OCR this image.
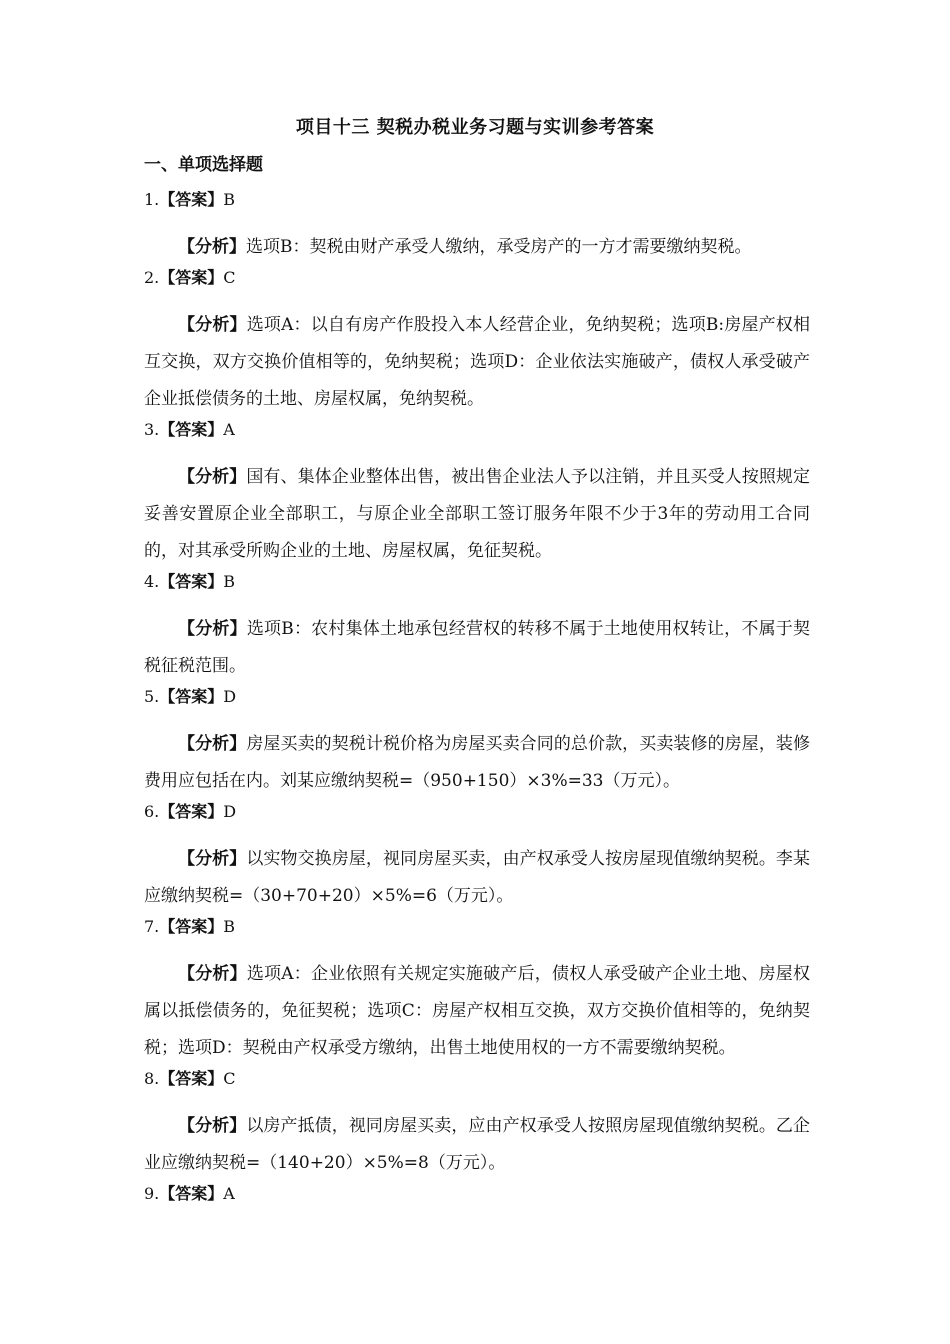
项目十三 契税办税业务习题与实训参考答案
一、单项选择题
1.【答案】B

【分析】选项B：契税由财产承受人缴纳，承受房产的一方才需要缴纳契税。

2.【答案】C

【分析】选项A：以自有房产作股投入本人经营企业，免纳契税；选项B:房屋产权相互交换，双方交换价值相等的，免纳契税；选项D：企业依法实施破产，债权人承受破产企业抵偿债务的土地、房屋权属，免纳契税。

3.【答案】A

【分析】国有、集体企业整体出售，被出售企业法人予以注销，并且买受人按照规定妥善安置原企业全部职工，与原企业全部职工签订服务年限不少于3年的劳动用工合同的，对其承受所购企业的土地、房屋权属，免征契税。

4.【答案】B

【分析】选项B：农村集体土地承包经营权的转移不属于土地使用权转让，不属于契税征税范围。

5.【答案】D

【分析】房屋买卖的契税计税价格为房屋买卖合同的总价款，买卖装修的房屋，装修费用应包括在内。刘某应缴纳契税=（950+150）×3%=33（万元）。

6.【答案】D

【分析】以实物交换房屋，视同房屋买卖，由产权承受人按房屋现值缴纳契税。李某应缴纳契税=（30+70+20）×5%=6（万元）。

7.【答案】B

【分析】选项A：企业依照有关规定实施破产后，债权人承受破产企业土地、房屋权属以抵偿债务的，免征契税；选项C：房屋产权相互交换，双方交换价值相等的，免纳契税；选项D：契税由产权承受方缴纳，出售土地使用权的一方不需要缴纳契税。

8.【答案】C

【分析】以房产抵债，视同房屋买卖，应由产权承受人按照房屋现值缴纳契税。乙企业应缴纳契税=（140+20）×5%=8（万元）。

9.【答案】A
